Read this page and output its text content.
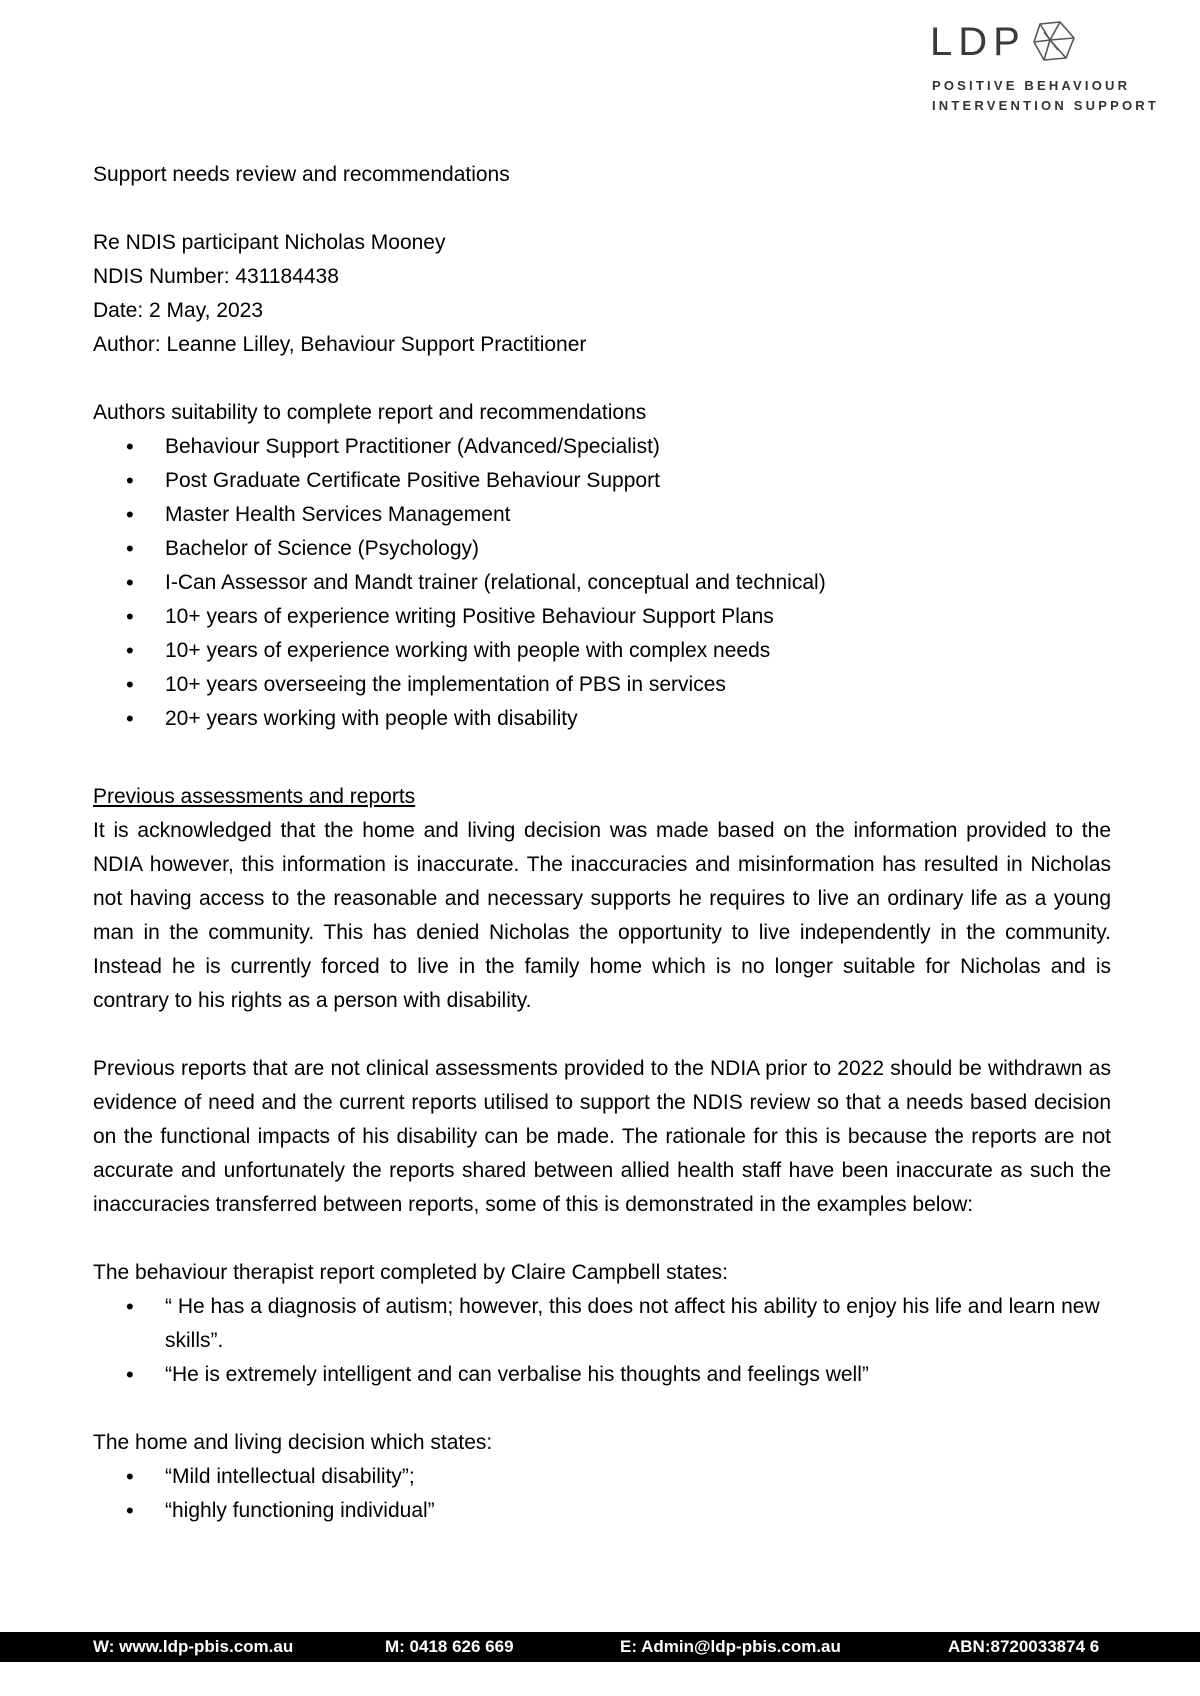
LDP
POSITIVE BEHAVIOUR
INTERVENTION SUPPORT

Support needs review and recommendations

Re NDIS participant Nicholas Mooney

NDIS Number: 431184438

Date: 2 May, 2023

Author: Leanne Lilley, Behaviour Support Practitioner

Authors suitability to complete report and recommendations

• Behaviour Support Practitioner (Advanced/Specialist)
• Post Graduate Certificate Positive Behaviour Support
• Master Health Services Management
• Bachelor of Science (Psychology)
• I-Can Assessor and Mandt trainer (relational, conceptual and technical)
• 10+ years of experience writing Positive Behaviour Support Plans
• 10+ years of experience working with people with complex needs
• 10+ years overseeing the implementation of PBS in services
• 20+ years working with people with disability

Previous assessments and reports

It is acknowledged that the home and living decision was made based on the information provided to the NDIA however, this information is inaccurate. The inaccuracies and misinformation has resulted in Nicholas not having access to the reasonable and necessary supports he requires to live an ordinary life as a young man in the community. This has denied Nicholas the opportunity to live independently in the community. Instead he is currently forced to live in the family home which is no longer suitable for Nicholas and is contrary to his rights as a person with disability.

Previous reports that are not clinical assessments provided to the NDIA prior to 2022 should be withdrawn as evidence of need and the current reports utilised to support the NDIS review so that a needs based decision on the functional impacts of his disability can be made. The rationale for this is because the reports are not accurate and unfortunately the reports shared between allied health staff have been inaccurate as such the inaccuracies transferred between reports, some of this is demonstrated in the examples below:

The behaviour therapist report completed by Claire Campbell states:

• “ He has a diagnosis of autism; however, this does not affect his ability to enjoy his life and learn new skills”.
• “He is extremely intelligent and can verbalise his thoughts and feelings well”

The home and living decision which states:

• “Mild intellectual disability”;
• “highly functioning individual”
W: www.ldp-pbis.com.au	M: 0418 626 669	E: Admin@ldp-pbis.com.au	ABN:8720033874 6
